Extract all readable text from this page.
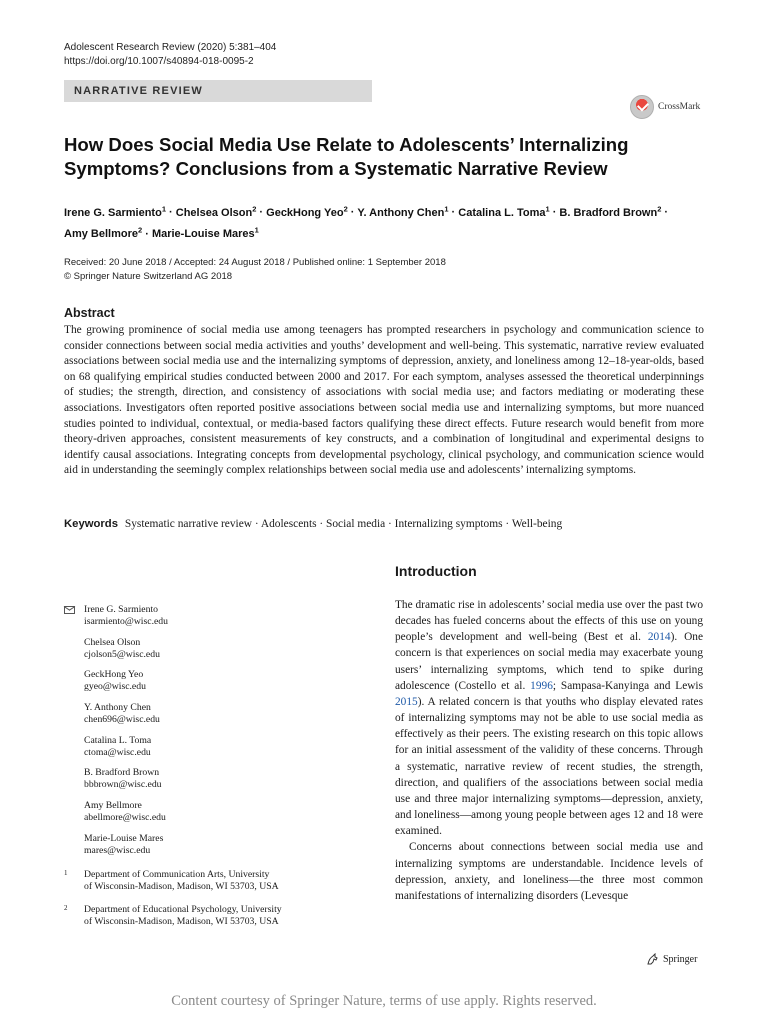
Adolescent Research Review (2020) 5:381–404
https://doi.org/10.1007/s40894-018-0095-2
NARRATIVE REVIEW
CrossMark
How Does Social Media Use Relate to Adolescents’ Internalizing Symptoms? Conclusions from a Systematic Narrative Review
Irene G. Sarmiento$^1$ · Chelsea Olson$^2$ · GeckHong Yeo$^2$ · Y. Anthony Chen$^1$ · Catalina L. Toma$^1$ · B. Bradford Brown$^2$ ·
Amy Bellmore$^2$ · Marie-Louise Mares$^1$
Received: 20 June 2018 / Accepted: 24 August 2018 / Published online: 1 September 2018
© Springer Nature Switzerland AG 2018
Abstract
The growing prominence of social media use among teenagers has prompted researchers in psychology and communication science to consider connections between social media activities and youths’ development and well-being. This systematic, narrative review evaluated associations between social media use and the internalizing symptoms of depression, anxiety, and loneliness among 12–18-year-olds, based on 68 qualifying empirical studies conducted between 2000 and 2017. For each symptom, analyses assessed the theoretical underpinnings of studies; the strength, direction, and consistency of associations with social media use; and factors mediating or moderating these associations. Investigators often reported positive associations between social media use and internalizing symptoms, but more nuanced studies pointed to individual, contextual, or media-based factors qualifying these direct effects. Future research would benefit from more theory-driven approaches, consistent measurements of key constructs, and a combination of longitudinal and experimental designs to identify causal associations. Integrating concepts from developmental psychology, clinical psychology, and communication science would aid in understanding the seemingly complex relationships between social media use and adolescents’ internalizing symptoms.
Keywords Systematic narrative review · Adolescents · Social media · Internalizing symptoms · Well-being
Introduction

The dramatic rise in adolescents’ social media use over the past two decades has fueled concerns about the effects of this use on young people’s development and well-being (Best et al. 2014). One concern is that experiences on social media may exacerbate young users’ internalizing symptoms, which tend to spike during adolescence (Costello et al. 1996; Sampasa-Kanyinga and Lewis 2015). A related concern is that youths who display elevated rates of internalizing symptoms may not be able to use social media as effectively as their peers. The existing research on this topic allows for an initial assessment of the validity of these concerns. Through a systematic, narrative review of recent studies, the strength, direction, and qualifiers of the associations between social media use and three major internalizing symptoms—depression, anxiety, and loneliness—among young people between ages 12 and 18 were examined.

Concerns about connections between social media use and internalizing symptoms are understandable. Incidence levels of depression, anxiety, and loneliness—the three most common manifestations of internalizing disorders (Levesque

Irene G. Sarmiento
isarmiento@wisc.edu
Chelsea Olson
cjolson5@wisc.edu
GeckHong Yeo
gyeo@wisc.edu
Y. Anthony Chen
chen696@wisc.edu
Catalina L. Toma
ctoma@wisc.edu
B. Bradford Brown
bbbrown@wisc.edu
Amy Bellmore
abellmore@wisc.edu
Marie-Louise Mares
mares@wisc.edu
1 Department of Communication Arts, University
of Wisconsin-Madison, Madison, WI 53703, USA
2 Department of Educational Psychology, University
of Wisconsin-Madison, Madison, WI 53703, USA
Springer
Content courtesy of Springer Nature, terms of use apply. Rights reserved.
